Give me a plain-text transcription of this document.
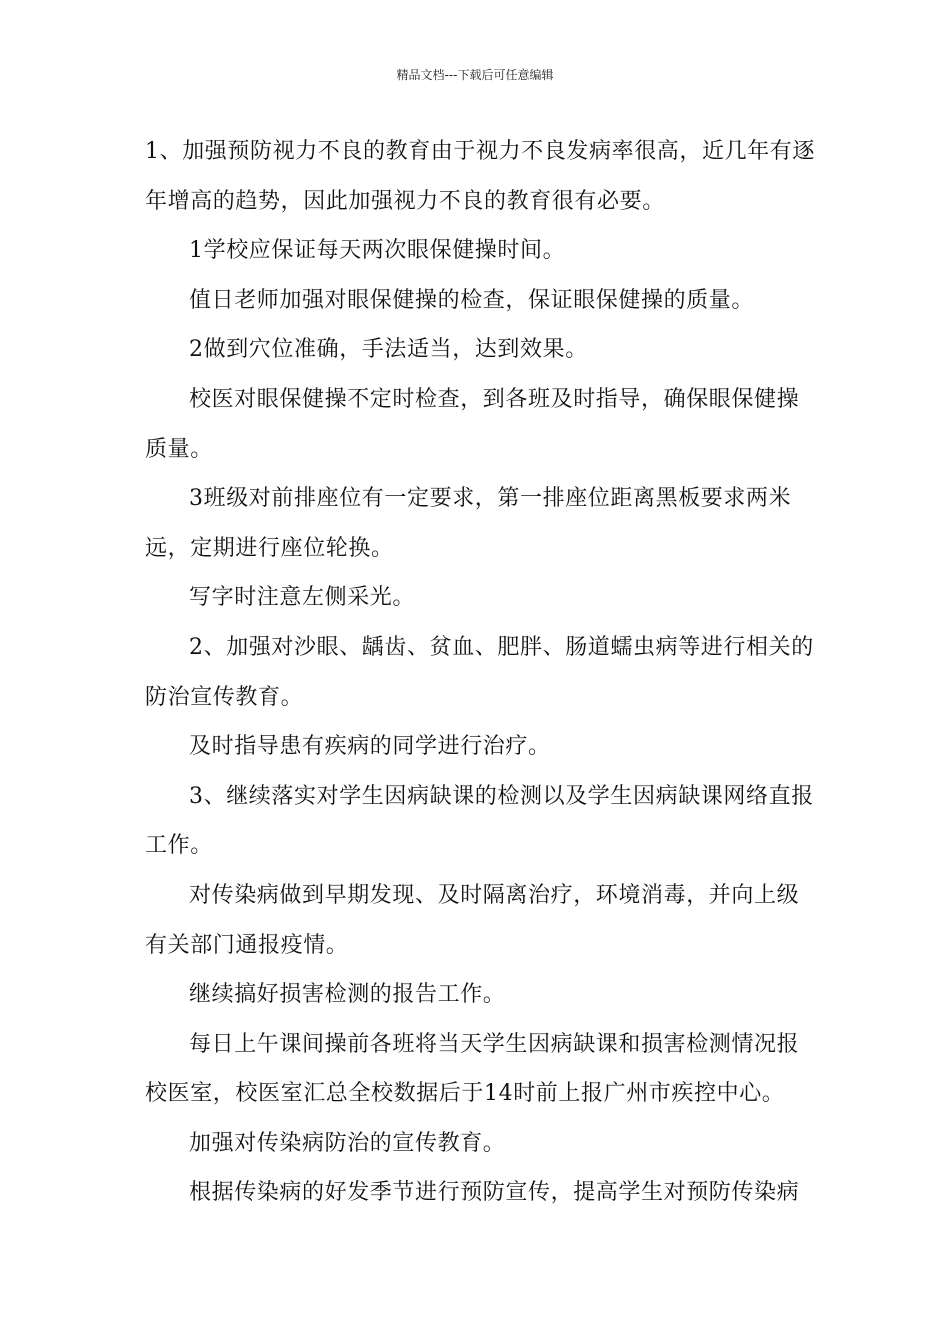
精品文档---下载后可任意编辑

1、加强预防视力不良的教育由于视力不良发病率很高，近几年有逐
年增高的趋势，因此加强视力不良的教育很有必要。

1学校应保证每天两次眼保健操时间。

值日老师加强对眼保健操的检查，保证眼保健操的质量。

2做到穴位准确，手法适当，达到效果。

校医对眼保健操不定时检查，到各班及时指导，确保眼保健操
质量。

3班级对前排座位有一定要求，第一排座位距离黑板要求两米
远，定期进行座位轮换。

写字时注意左侧采光。

2、加强对沙眼、龋齿、贫血、肥胖、肠道蠕虫病等进行相关的
防治宣传教育。

及时指导患有疾病的同学进行治疗。

3、继续落实对学生因病缺课的检测以及学生因病缺课网络直报
工作。

对传染病做到早期发现、及时隔离治疗，环境消毒，并向上级
有关部门通报疫情。

继续搞好损害检测的报告工作。

每日上午课间操前各班将当天学生因病缺课和损害检测情况报
校医室，校医室汇总全校数据后于14时前上报广州市疾控中心。

加强对传染病防治的宣传教育。

根据传染病的好发季节进行预防宣传，提高学生对预防传染病
